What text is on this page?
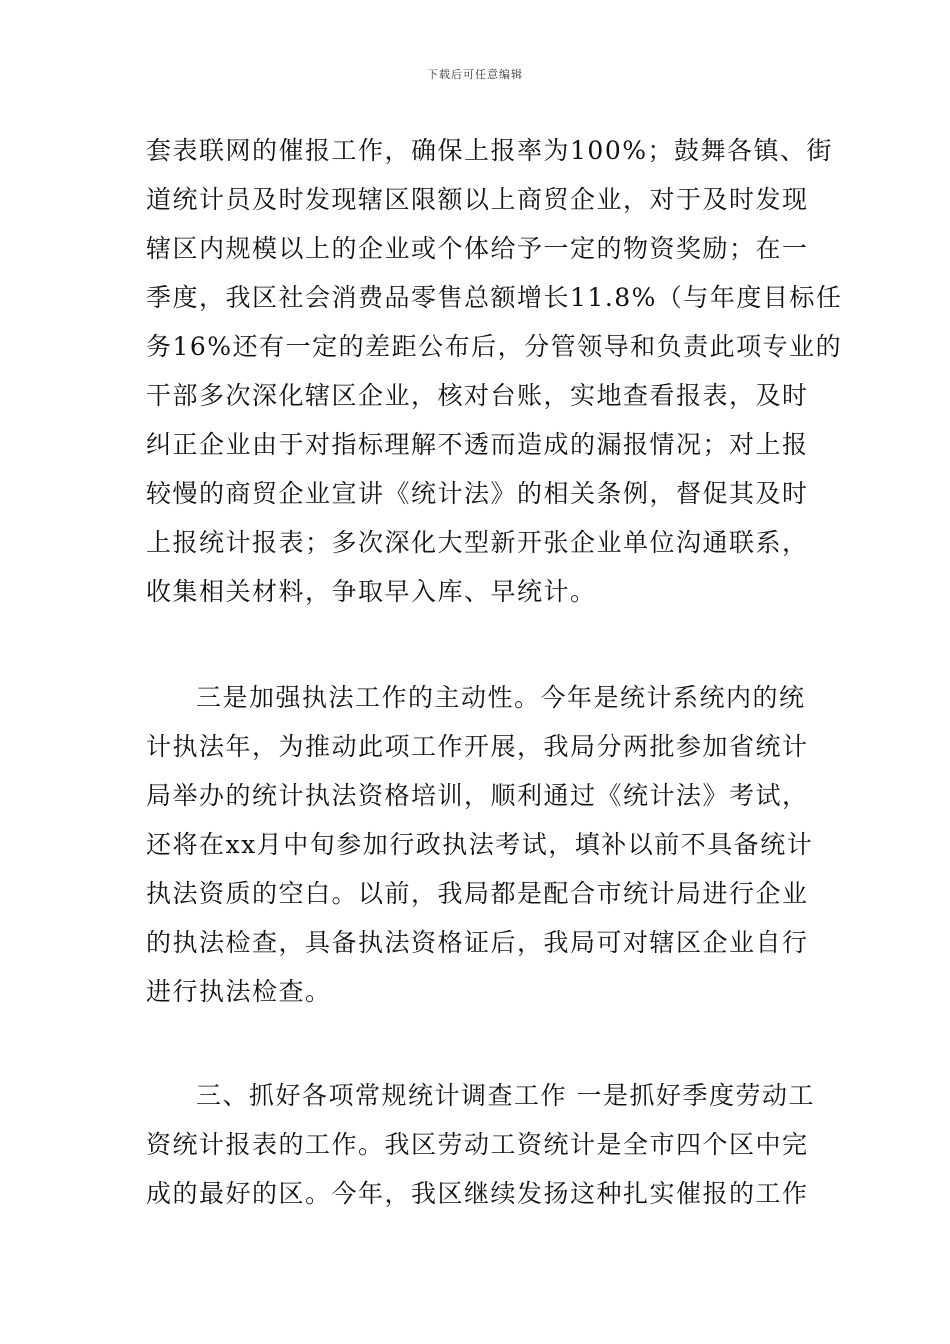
下载后可任意编辑
套表联网的催报工作，确保上报率为100%；鼓舞各镇、街
道统计员及时发现辖区限额以上商贸企业，对于及时发现
辖区内规模以上的企业或个体给予一定的物资奖励；在一
季度，我区社会消费品零售总额增长11.8%（与年度目标任
务16%还有一定的差距公布后，分管领导和负责此项专业的
干部多次深化辖区企业，核对台账，实地查看报表，及时
纠正企业由于对指标理解不透而造成的漏报情况；对上报
较慢的商贸企业宣讲《统计法》的相关条例，督促其及时
上报统计报表；多次深化大型新开张企业单位沟通联系，
收集相关材料，争取早入库、早统计。
三是加强执法工作的主动性。今年是统计系统内的统
计执法年，为推动此项工作开展，我局分两批参加省统计
局举办的统计执法资格培训，顺利通过《统计法》考试，
还将在xx月中旬参加行政执法考试，填补以前不具备统计
执法资质的空白。以前，我局都是配合市统计局进行企业
的执法检查，具备执法资格证后，我局可对辖区企业自行
进行执法检查。
三、抓好各项常规统计调查工作 一是抓好季度劳动工
资统计报表的工作。我区劳动工资统计是全市四个区中完
成的最好的区。今年，我区继续发扬这种扎实催报的工作
